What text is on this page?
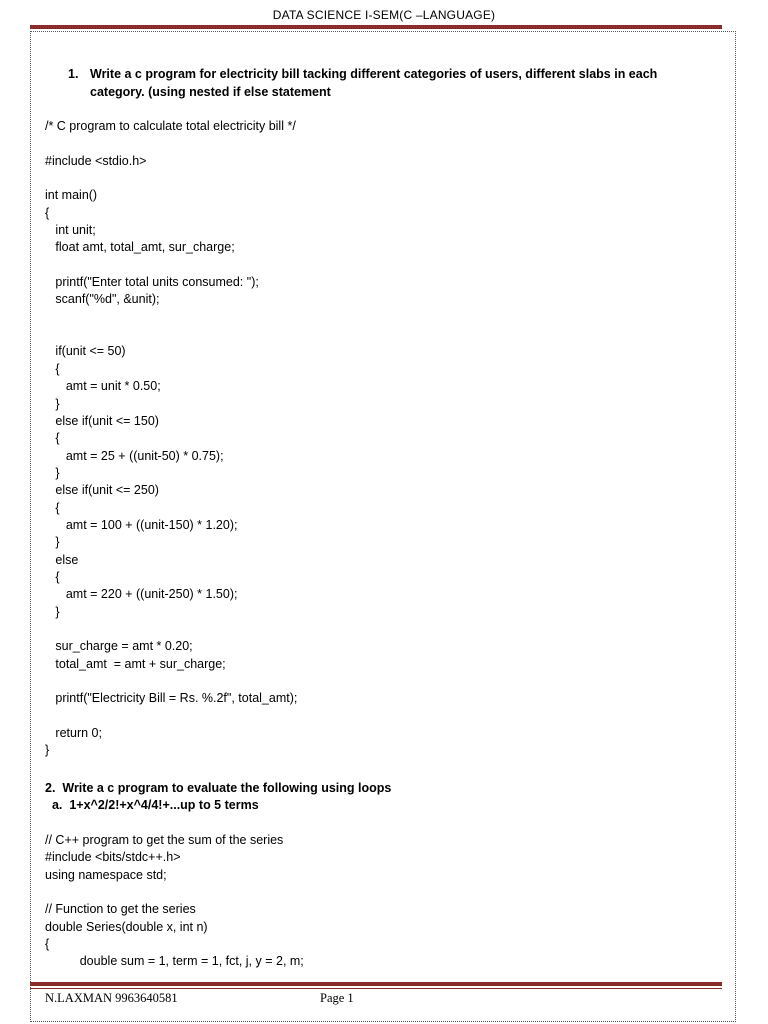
DATA SCIENCE I-SEM(C –LANGUAGE)
1. Write a c program for electricity bill tacking different categories of users, different slabs in each category. (using nested if else statement
/* C program to calculate total electricity bill */

#include <stdio.h>

int main()
{
int unit;
float amt, total_amt, sur_charge;

printf("Enter total units consumed: ");
scanf("%d", &unit);

if(unit <= 50)
{
amt = unit * 0.50;
}
else if(unit <= 150)
{
amt = 25 + ((unit-50) * 0.75);
}
else if(unit <= 250)
{
amt = 100 + ((unit-150) * 1.20);
}
else
{
amt = 220 + ((unit-250) * 1.50);
}

sur_charge = amt * 0.20;
total_amt  = amt + sur_charge;

printf("Electricity Bill = Rs. %.2f", total_amt);

return 0;
}
2.  Write a c program to evaluate the following using loops
a.  1+x^2/2!+x^4/4!+...up to 5 terms
// C++ program to get the sum of the series
#include <bits/stdc++.h>
using namespace std;

// Function to get the series
double Series(double x, int n)
{
double sum = 1, term = 1, fct, j, y = 2, m;
N.LAXMAN 9963640581	Page 1
